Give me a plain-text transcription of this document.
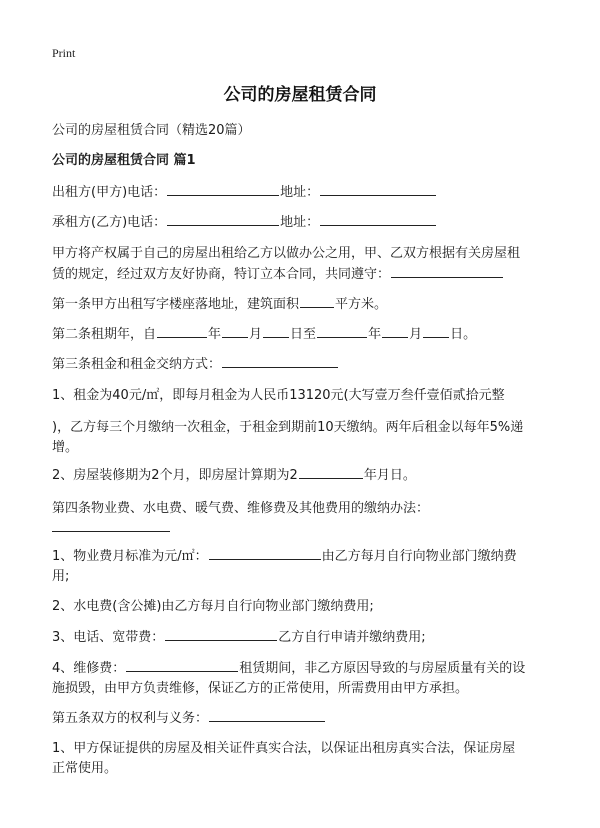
Print
公司的房屋租赁合同
公司的房屋租赁合同（精选20篇）
公司的房屋租赁合同 篇1
出租方(甲方)电话：	地址：
承租方(乙方)电话：	地址：
甲方将产权属于自己的房屋出租给乙方以做办公之用，甲、乙双方根据有关房屋租
赁的规定，经过双方友好协商，特订立本合同，共同遵守：
第一条甲方出租写字楼座落地址，建筑面积	平方米。
第二条租期年，自	年 月 日至	年 月 日。
第三条租金和租金交纳方式：
1、租金为40元/㎡，即每月租金为人民币13120元(大写壹万叁仟壹佰贰拾元整
)，乙方每三个月缴纳一次租金，于租金到期前10天缴纳。两年后租金以每年5%递
增。
2、房屋装修期为2个月，即房屋计算期为2	年月日。
第四条物业费、水电费、暖气费、维修费及其他费用的缴纳办法：
1、物业费月标准为元/㎡：	由乙方每月自行向物业部门缴纳费
用;
2、水电费(含公摊)由乙方每月自行向物业部门缴纳费用;
3、电话、宽带费：	乙方自行申请并缴纳费用;
4、维修费：	租赁期间，非乙方原因导致的与房屋质量有关的设
施损毁，由甲方负责维修，保证乙方的正常使用，所需费用由甲方承担。
第五条双方的权利与义务：
1、甲方保证提供的房屋及相关证件真实合法，以保证出租房真实合法，保证房屋
正常使用。
